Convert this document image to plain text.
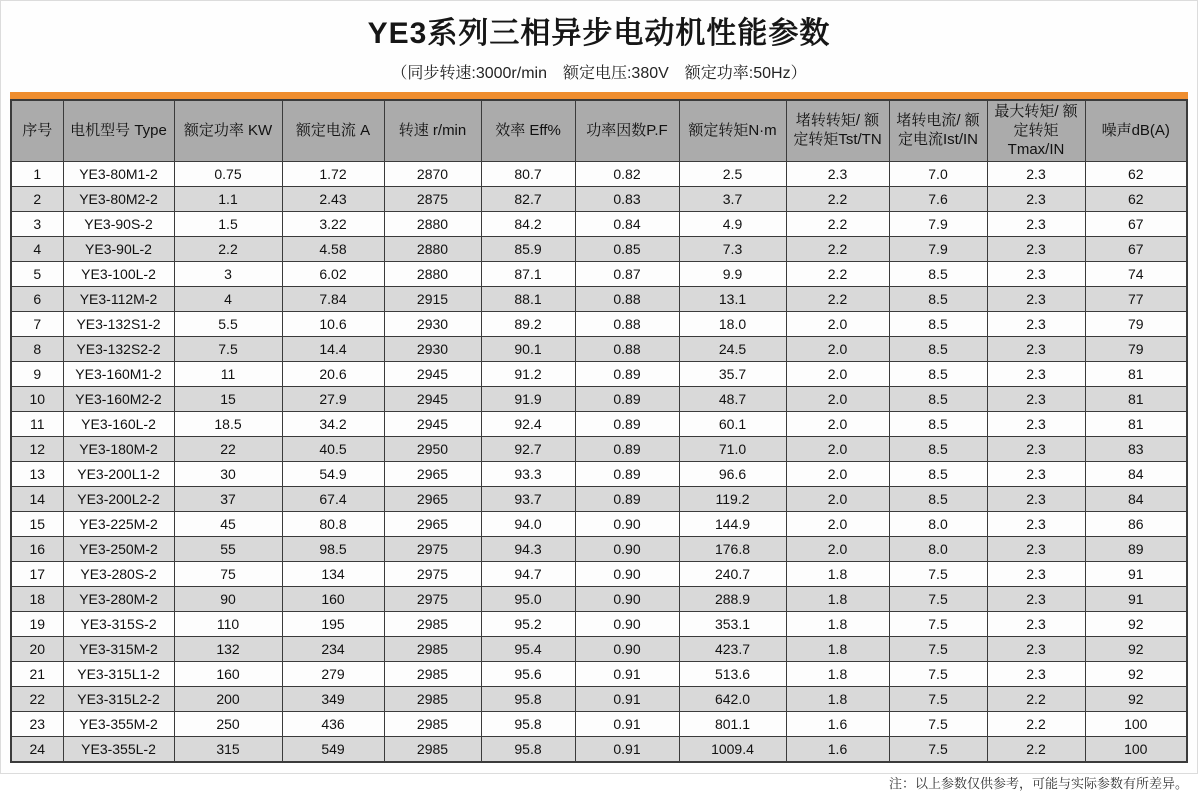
YE3系列三相异步电动机性能参数
（同步转速:3000r/min　额定电压:380V　额定功率:50Hz）
序号	电机型号 Type	额定功率 KW	额定电流 A	转速 r/min	效率 Eff%	功率因数P.F	额定转矩N·m	堵转转矩/ 额定转矩Tst/TN	堵转电流/ 额定电流Ist/IN	最大转矩/ 额定转矩Tmax/IN	噪声dB(A)
1	YE3-80M1-2	0.75	1.72	2870	80.7	0.82	2.5	2.3	7.0	2.3	62
2	YE3-80M2-2	1.1	2.43	2875	82.7	0.83	3.7	2.2	7.6	2.3	62
3	YE3-90S-2	1.5	3.22	2880	84.2	0.84	4.9	2.2	7.9	2.3	67
4	YE3-90L-2	2.2	4.58	2880	85.9	0.85	7.3	2.2	7.9	2.3	67
5	YE3-100L-2	3	6.02	2880	87.1	0.87	9.9	2.2	8.5	2.3	74
6	YE3-112M-2	4	7.84	2915	88.1	0.88	13.1	2.2	8.5	2.3	77
7	YE3-132S1-2	5.5	10.6	2930	89.2	0.88	18.0	2.0	8.5	2.3	79
8	YE3-132S2-2	7.5	14.4	2930	90.1	0.88	24.5	2.0	8.5	2.3	79
9	YE3-160M1-2	11	20.6	2945	91.2	0.89	35.7	2.0	8.5	2.3	81
10	YE3-160M2-2	15	27.9	2945	91.9	0.89	48.7	2.0	8.5	2.3	81
11	YE3-160L-2	18.5	34.2	2945	92.4	0.89	60.1	2.0	8.5	2.3	81
12	YE3-180M-2	22	40.5	2950	92.7	0.89	71.0	2.0	8.5	2.3	83
13	YE3-200L1-2	30	54.9	2965	93.3	0.89	96.6	2.0	8.5	2.3	84
14	YE3-200L2-2	37	67.4	2965	93.7	0.89	119.2	2.0	8.5	2.3	84
15	YE3-225M-2	45	80.8	2965	94.0	0.90	144.9	2.0	8.0	2.3	86
16	YE3-250M-2	55	98.5	2975	94.3	0.90	176.8	2.0	8.0	2.3	89
17	YE3-280S-2	75	134	2975	94.7	0.90	240.7	1.8	7.5	2.3	91
18	YE3-280M-2	90	160	2975	95.0	0.90	288.9	1.8	7.5	2.3	91
19	YE3-315S-2	110	195	2985	95.2	0.90	353.1	1.8	7.5	2.3	92
20	YE3-315M-2	132	234	2985	95.4	0.90	423.7	1.8	7.5	2.3	92
21	YE3-315L1-2	160	279	2985	95.6	0.91	513.6	1.8	7.5	2.3	92
22	YE3-315L2-2	200	349	2985	95.8	0.91	642.0	1.8	7.5	2.2	92
23	YE3-355M-2	250	436	2985	95.8	0.91	801.1	1.6	7.5	2.2	100
24	YE3-355L-2	315	549	2985	95.8	0.91	1009.4	1.6	7.5	2.2	100
注：以上参数仅供参考，可能与实际参数有所差异。
